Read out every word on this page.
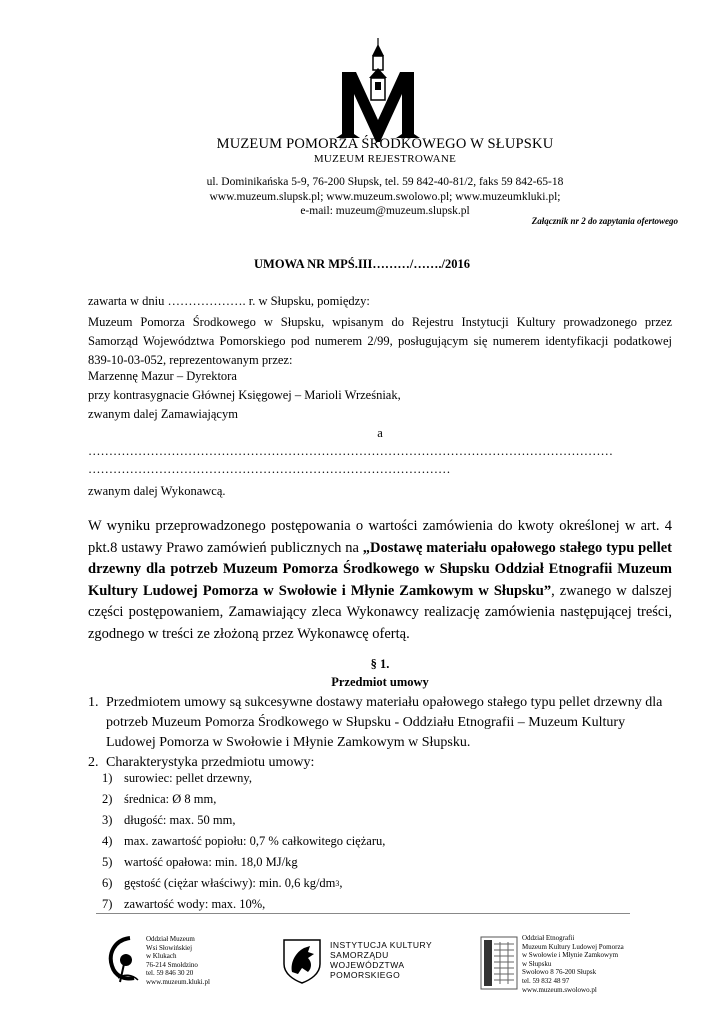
MUZEUM POMORZA ŚRODKOWEGO W SŁUPSKU
MUZEUM REJESTROWANE
ul. Dominikańska 5-9, 76-200 Słupsk, tel. 59 842-40-81/2, faks 59 842-65-18
www.muzeum.slupsk.pl; www.muzeum.swolowo.pl; www.muzeumkluki.pl;
e-mail: muzeum@muzeum.slupsk.pl
Załącznik nr 2 do zapytania ofertowego
UMOWA NR MPŚ.III………/……./2016
zawarta w dniu ………………. r. w Słupsku, pomiędzy:
Muzeum Pomorza Środkowego w Słupsku, wpisanym do Rejestru Instytucji Kultury prowadzonego przez Samorząd Województwa Pomorskiego pod numerem 2/99, posługującym się numerem identyfikacji podatkowej 839-10-03-052, reprezentowanym przez:
Marzennę Mazur – Dyrektora
przy kontrasygnacie Głównej Księgowej – Marioli Wrześniak,
zwanym dalej Zamawiającym
a
………………………………………………………………………………………………………………
……………………………………………………………………………
zwanym dalej Wykonawcą.
W wyniku przeprowadzonego postępowania o wartości zamówienia do kwoty określonej w art. 4 pkt.8 ustawy Prawo zamówień publicznych na „Dostawę materiału opałowego stałego typu pellet drzewny dla potrzeb Muzeum Pomorza Środkowego w Słupsku Oddział Etnografii Muzeum Kultury Ludowej Pomorza w Swołowie i Młynie Zamkowym w Słupsku”, zwanego w dalszej części postępowaniem, Zamawiający zleca Wykonawcy realizację zamówienia następującej treści, zgodnego w treści ze złożoną przez Wykonawcę ofertą.
§ 1.
Przedmiot umowy
1. Przedmiotem umowy są sukcesywne dostawy materiału opałowego stałego typu pellet drzewny dla potrzeb Muzeum Pomorza Środkowego w Słupsku - Oddziału Etnografii – Muzeum Kultury Ludowej Pomorza w Swołowie i Młynie Zamkowym w Słupsku.
2. Charakterystyka przedmiotu umowy:
1) surowiec: pellet drzewny,
2) średnica: Ø 8 mm,
3) długość: max. 50 mm,
4) max. zawartość popiołu: 0,7 % całkowitego ciężaru,
5) wartość opałowa: min. 18,0 MJ/kg
6) gęstość (ciężar właściwy): min. 0,6 kg/dm 3 ,
7) zawartość wody: max. 10%,
Oddział Muzeum
Wsi Słowińskiej
w Klukach
76-214 Smołdzino
tel. 59 846 30 20
www.muzeum.kluki.pl
INSTYTUCJA KULTURY
SAMORZĄDU
WOJEWÓDZTWA
POMORSKIEGO
Oddział Etnografii
Muzeum Kultury Ludowej Pomorza
w Swołowie i Młynie Zamkowym
w Słupsku
Swołowo 8 76-200 Słupsk
tel. 59 832 48 97
www.muzeum.swolowo.pl
